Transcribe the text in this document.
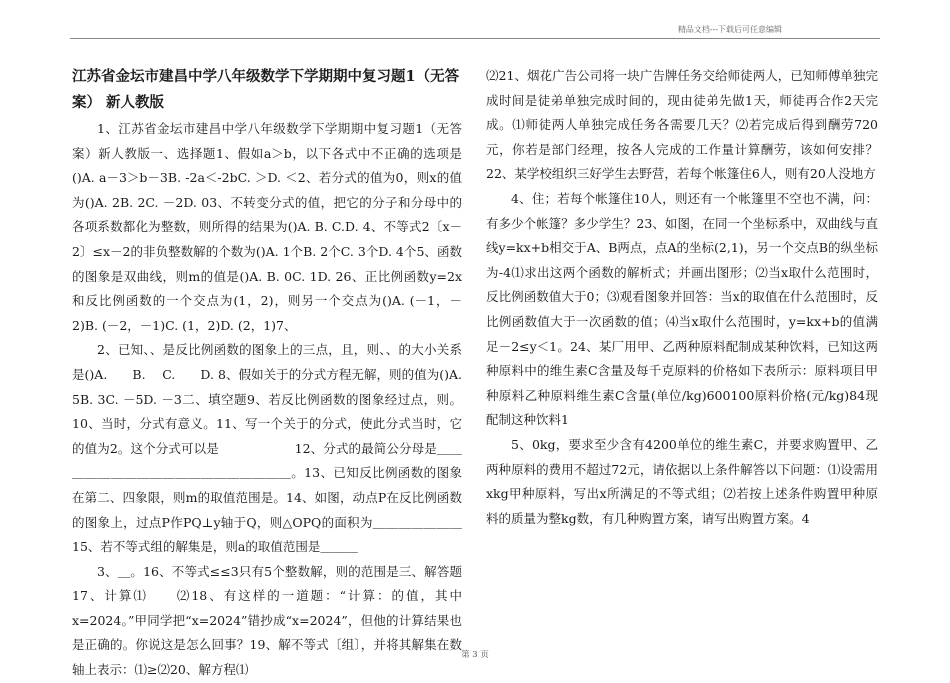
精品文档---下载后可任意编辑
江苏省金坛市建昌中学八年级数学下学期期中复习题1（无答案） 新人教版

1、江苏省金坛市建昌中学八年级数学下学期期中复习题1（无答案）新人教版一、选择题1、假如a＞b，以下各式中不正确的选项是()A. a－3＞b－3B. -2a＜-2bC. ＞D. ＜2、若分式的值为0，则x的值为()A. 2B. 2C. －2D. 03、不转变分式的值，把它的分子和分母中的各项系数都化为整数，则所得的结果为()A. B. C.D. 4、不等式2〔x－2〕≤x－2的非负整数解的个数为()A. 1个B. 2个C. 3个D. 4个5、函数的图象是双曲线，则m的值是()A. B. 0C. 1D. 26、正比例函数y=2x和反比例函数的一个交点为(1，2)，则另一个交点为()A. (－1，－2)B. (－2，－1)C. (1，2)D. (2，1)7、

2、已知、、是反比例函数的图象上的三点，且，则、、的大小关系是()A.　　B.　 C.　　D. 8、假如关于的分式方程无解，则的值为()A. 5B. 3C. －5D. －3二、填空题9、若反比例函数的图象经过点，则。10、当时，分式有意义。11、写一个关于的分式，使此分式当时，它的值为2。这个分式可以是　　　　　　12、分式的最简公分母是＿＿＿＿＿＿＿＿＿＿＿＿＿＿＿＿＿＿＿。13、已知反比例函数的图象在第二、四象限，则m的取值范围是。14、如图，动点P在反比例函数的图象上，过点P作PQ⊥y轴于Q，则△OPQ的面积为＿＿＿＿＿＿＿15、若不等式组的解集是，则a的取值范围是＿＿＿

3、＿。16、不等式≤≤3只有5个整数解，则的范围是三、解答题17、计算⑴　　⑵18、有这样的一道题：“计算：的值，其中x=2024。”甲同学把“x=2024”错抄成“x=2024”，但他的计算结果也是正确的。你说这是怎么回事？19、解不等式〔组〕，并将其解集在数轴上表示：⑴≥⑵20、解方程⑴

⑵21、烟花广告公司将一块广告牌任务交给师徒两人，已知师傅单独完成时间是徒弟单独完成时间的，现由徒弟先做1天，师徒再合作2天完成。⑴师徒两人单独完成任务各需要几天？⑵若完成后得到酬劳720元，你若是部门经理，按各人完成的工作量计算酬劳，该如何安排？22、某学校组织三好学生去野营，若每个帐篷住6人，则有20人没地方

4、住；若每个帐篷住10人，则还有一个帐篷里不空也不满，问：有多少个帐篷？多少学生？23、如图，在同一个坐标系中，双曲线与直线y=kx+b相交于A、B两点，点A的坐标(2,1)，另一个交点B的纵坐标为-4⑴求出这两个函数的解析式；并画出图形；⑵当x取什么范围时，反比例函数值大于0；⑶观看图象并回答：当x的取值在什么范围时，反比例函数值大于一次函数的值；⑷当x取什么范围时，y=kx+b的值满足－2≤y＜1。24、某厂用甲、乙两种原料配制成某种饮料，已知这两种原料中的维生素C含量及每千克原料的价格如下表所示：原料项目甲种原料乙种原料维生素C含量(单位/kg)600100原料价格(元/kg)84现配制这种饮料1

5、0kg，要求至少含有4200单位的维生素C，并要求购置甲、乙两种原料的费用不超过72元，请依据以上条件解答以下问题：⑴设需用xkg甲种原料，写出x所满足的不等式组；⑵若按上述条件购置甲种原料的质量为整kg数，有几种购置方案，请写出购置方案。4

第 3 页
